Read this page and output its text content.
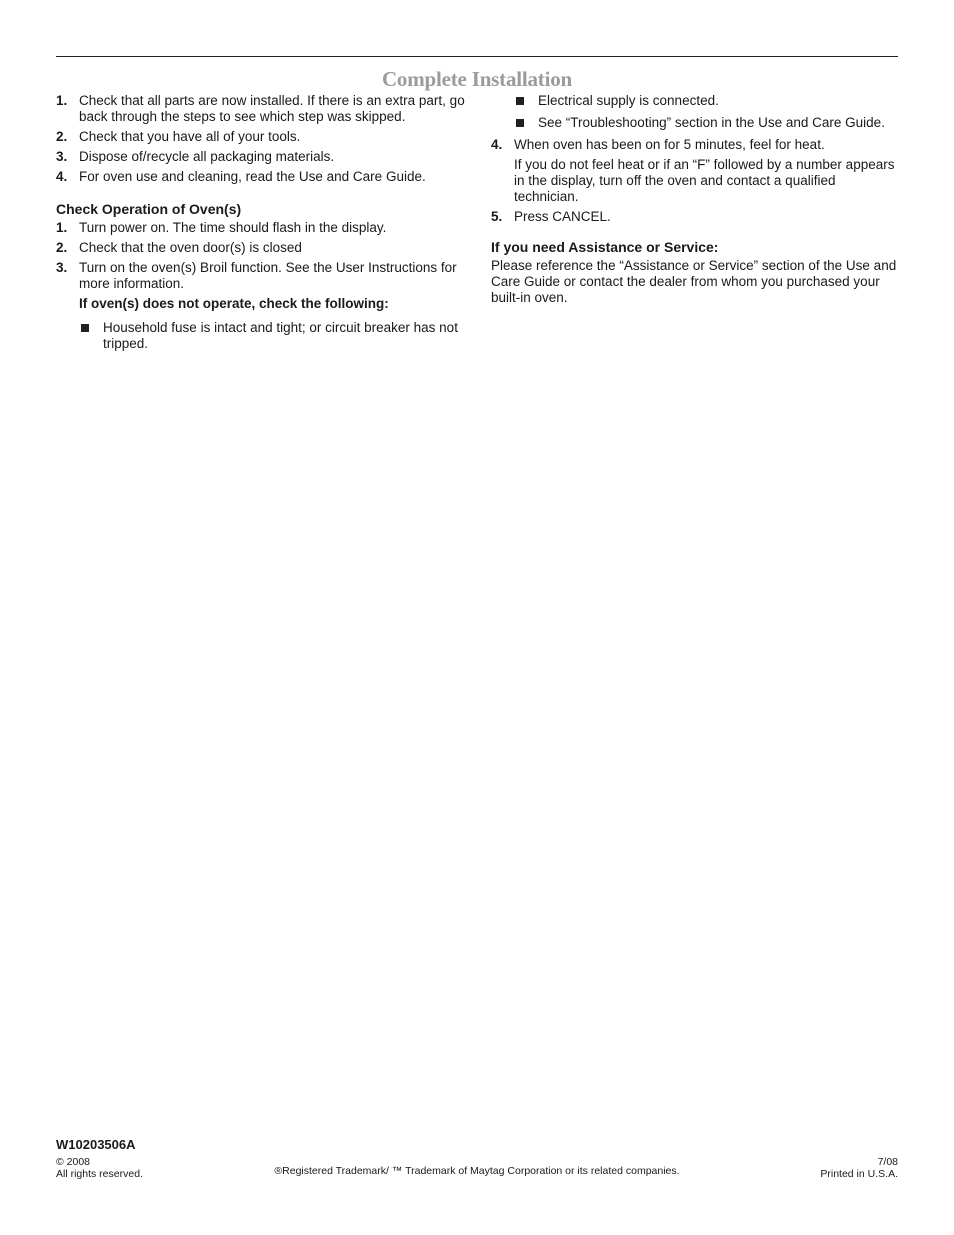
Complete Installation
1. Check that all parts are now installed. If there is an extra part, go back through the steps to see which step was skipped.
2. Check that you have all of your tools.
3. Dispose of/recycle all packaging materials.
4. For oven use and cleaning, read the Use and Care Guide.
Check Operation of Oven(s)
1. Turn power on. The time should flash in the display.
2. Check that the oven door(s) is closed
3. Turn on the oven(s) Broil function. See the User Instructions for more information.
If oven(s) does not operate, check the following:
Household fuse is intact and tight; or circuit breaker has not tripped.
Electrical supply is connected.
See “Troubleshooting” section in the Use and Care Guide.
4. When oven has been on for 5 minutes, feel for heat.
If you do not feel heat or if an “F” followed by a number appears in the display, turn off the oven and contact a qualified technician.
5. Press CANCEL.
If you need Assistance or Service:
Please reference the “Assistance or Service” section of the Use and Care Guide or contact the dealer from whom you purchased your built-in oven.
W10203506A
© 2008
All rights reserved.	®Registered Trademark/ ™ Trademark of Maytag Corporation or its related companies.
7/08
Printed in U.S.A.
